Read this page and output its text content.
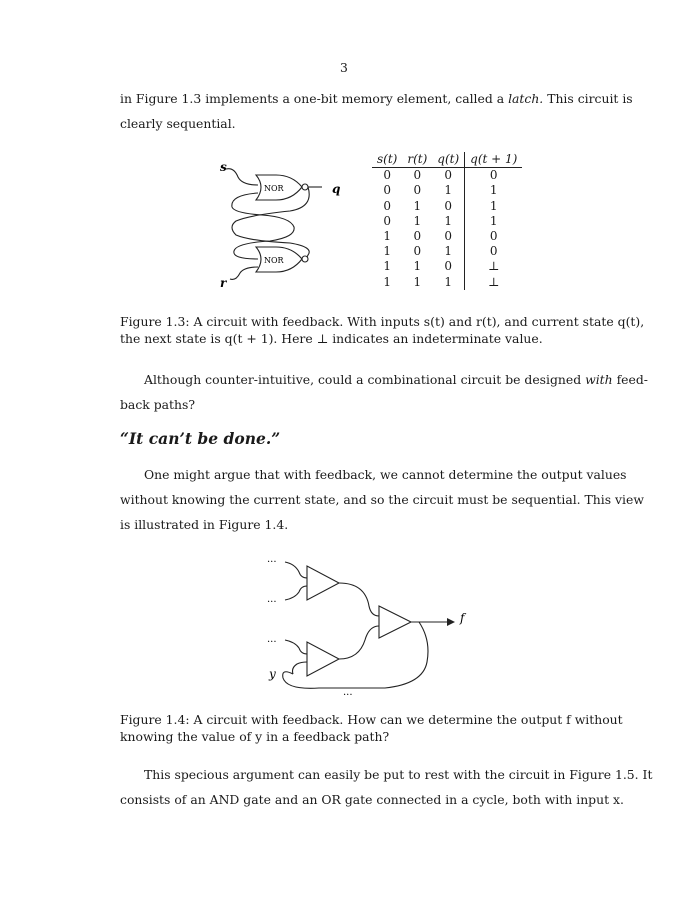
3
in Figure 1.3 implements a one-bit memory element, called a latch. This circuit is
clearly sequential.
s
NOR	q
NOR
r
s(t)	r(t)	q(t)	q(t + 1)
0	0	0	0
0	0	1	1
0	1	0	1
0	1	1	1
1	0	0	0
1	0	1	0
1	1	0	⊥
1	1	1	⊥
Figure 1.3: A circuit with feedback. With inputs s(t) and r(t), and current state q(t),
the next state is q(t + 1). Here ⊥ indicates an indeterminate value.
Although counter-intuitive, could a combinational circuit be designed with feed-
back paths?
“It can’t be done.”
One might argue that with feedback, we cannot determine the output values
without knowing the current state, and so the circuit must be sequential. This view
is illustrated in Figure 1.4.
...
...
...
y
...
f
Figure 1.4: A circuit with feedback. How can we determine the output f without
knowing the value of y in a feedback path?
This specious argument can easily be put to rest with the circuit in Figure 1.5. It
consists of an AND gate and an OR gate connected in a cycle, both with input x.
